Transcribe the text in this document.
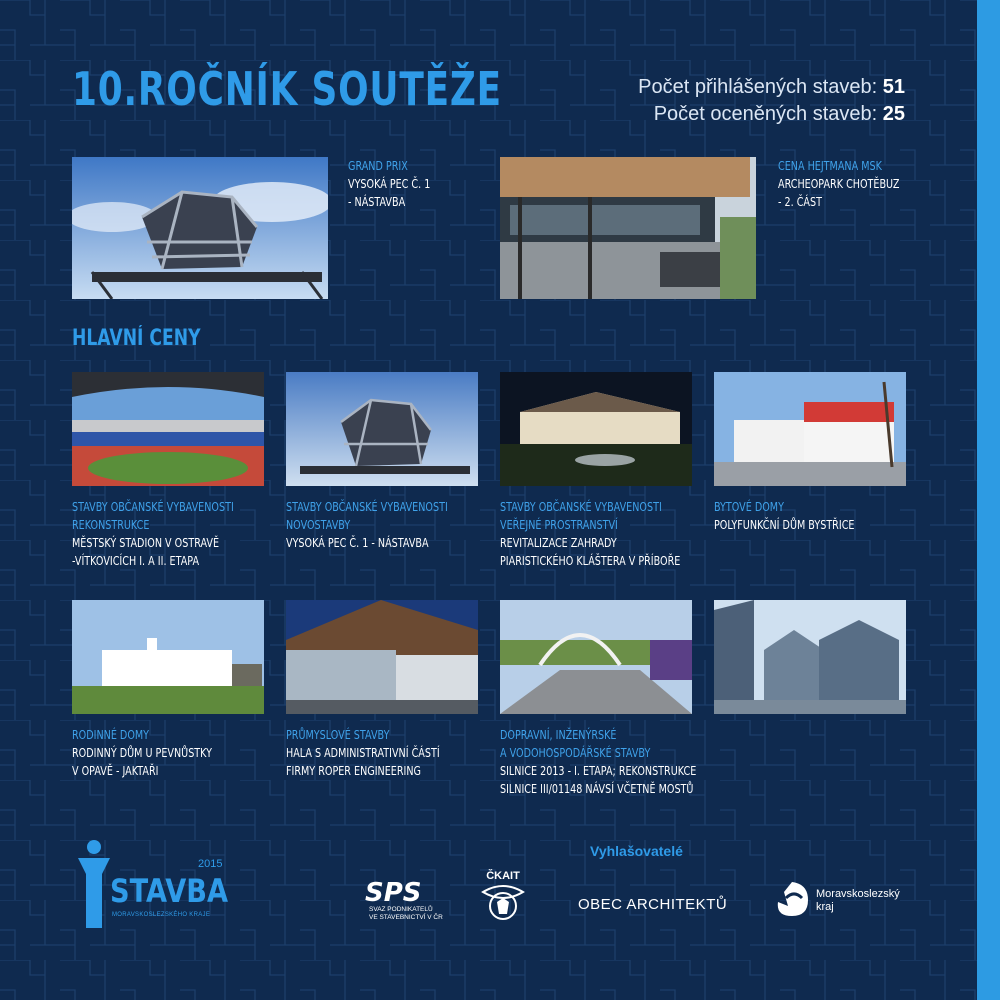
10.ROČNÍK SOUTĚŽE	Počet přihlášených staveb: 51
Počet oceněných staveb: 25
GRAND PRIX
VYSOKÁ PEC Č. 1
- NÁSTAVBA
CENA HEJTMANA MSK
ARCHEOPARK CHOTĚBUZ
- 2. ČÁST
HLAVNÍ CENY
STAVBY OBČANSKÉ VYBAVENOSTI
REKONSTRUKCE
MĚSTSKÝ STADION V OSTRAVĚ
-VÍTKOVICÍCH I. A II. ETAPA
STAVBY OBČANSKÉ VYBAVENOSTI
NOVOSTAVBY
VYSOKÁ PEC Č. 1 - NÁSTAVBA
STAVBY OBČANSKÉ VYBAVENOSTI
VEŘEJNÉ PROSTRANSTVÍ
REVITALIZACE ZAHRADY
PIARISTICKÉHO KLÁŠTERA V PŘÍBOŘE
BYTOVÉ DOMY
POLYFUNKČNÍ DŮM BYSTŘICE
RODINNÉ DOMY
RODINNÝ DŮM U PEVNŮSTKY
V OPAVĚ - JAKTAŘI
PRŮMYSLOVÉ STAVBY
HALA S ADMINISTRATIVNÍ ČÁSTÍ
FIRMY ROPER ENGINEERING
DOPRAVNÍ, INŽENÝRSKÉ
A VODOHOSPODÁŘSKÉ STAVBY
SILNICE 2013 - I. ETAPA; REKONSTRUKCE
SILNICE III/01148 NÁVSÍ VČETNĚ MOSTŮ
2015
STAVBA
MORAVSKOSLEZSKÉHO KRAJE
Vyhlašovatelé
SPS
SVAZ PODNIKATELŮ
VE STAVEBNICTVÍ V ČR
ČKAIT
OBEC ARCHITEKTŮ
Moravskoslezský
kraj
